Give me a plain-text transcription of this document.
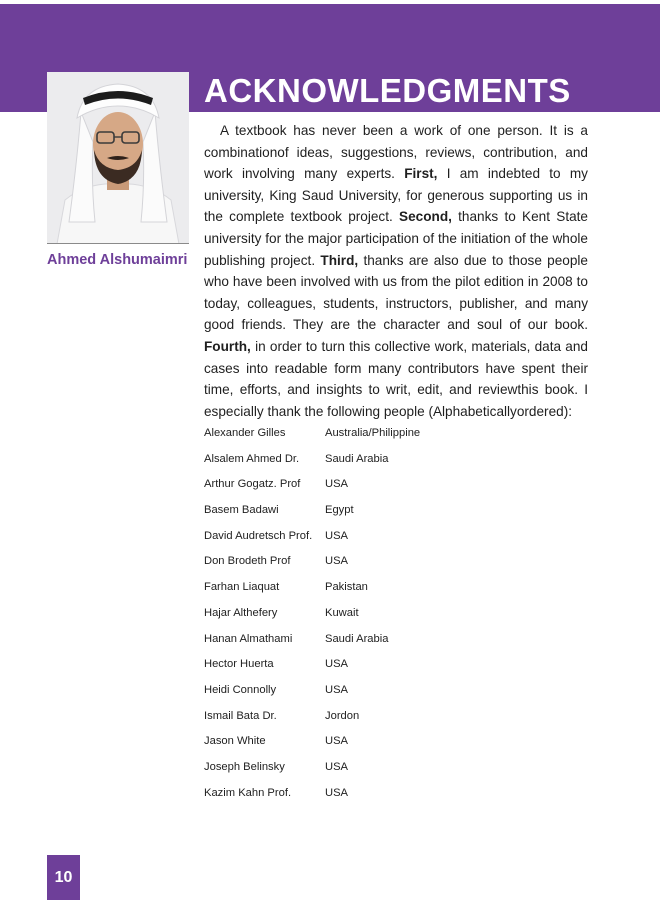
ACKNOWLEDGMENTS
Ahmed Alshumaimri

A textbook has never been a work of one person. It is a combinationof ideas, suggestions, reviews, contribution, and work involving many experts. First, I am indebted to my university, King Saud University, for generous supporting us in the complete textbook project. Second, thanks to Kent State university for the major participation of the initiation of the whole publishing project. Third, thanks are also due to those people who have been involved with us from the pilot edition in 2008 to today, colleagues, students, instructors, publisher, and many good friends. They are the character and soul of our book. Fourth, in order to turn this collective work, materials, data and cases into readable form many contributors have spent their time, efforts, and insights to writ, edit, and reviewthis book. I especially thank the following people (Alphabeticallyordered):

Alexander Gilles	Australia/Philippine
Alsalem Ahmed Dr.	Saudi Arabia
Arthur Gogatz. Prof	USA
Basem Badawi	Egypt
David Audretsch Prof.	USA
Don Brodeth Prof	USA
Farhan Liaquat	Pakistan
Hajar Althefery	Kuwait
Hanan Almathami	Saudi Arabia
Hector Huerta	USA
Heidi Connolly	USA
Ismail Bata Dr.	Jordon
Jason White	USA
Joseph Belinsky	USA
Kazim Kahn Prof.	USA
10
